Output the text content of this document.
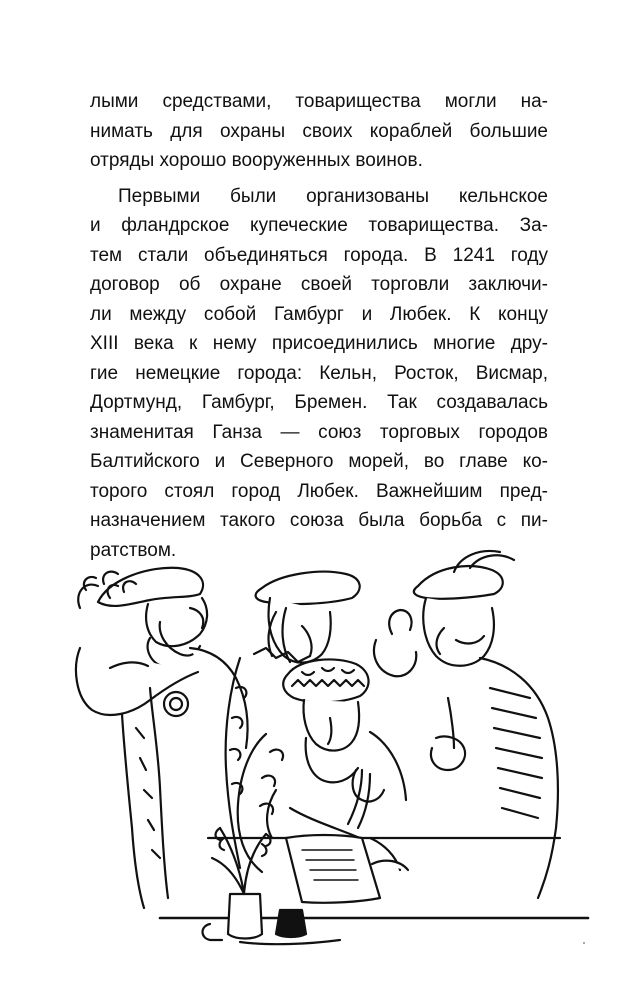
лыми средствами, товарищества могли на-
нимать для охраны своих кораблей большие
отряды хорошо вооруженных воинов.
Первыми были организованы кельнское
и фландрское купеческие товарищества. За-
тем стали объединяться города. В 1241 году
договор об охране своей торговли заключи-
ли между собой Гамбург и Любек. К концу
XIII века к нему присоединились многие дру-
гие немецкие города: Кельн, Росток, Висмар,
Дортмунд, Гамбург, Бремен. Так создавалась
знаменитая Ганза — союз торговых городов
Балтийского и Северного морей, во главе ко-
торого стоял город Любек. Важнейшим пред-
назначением такого союза была борьба с пи-
ратством.
